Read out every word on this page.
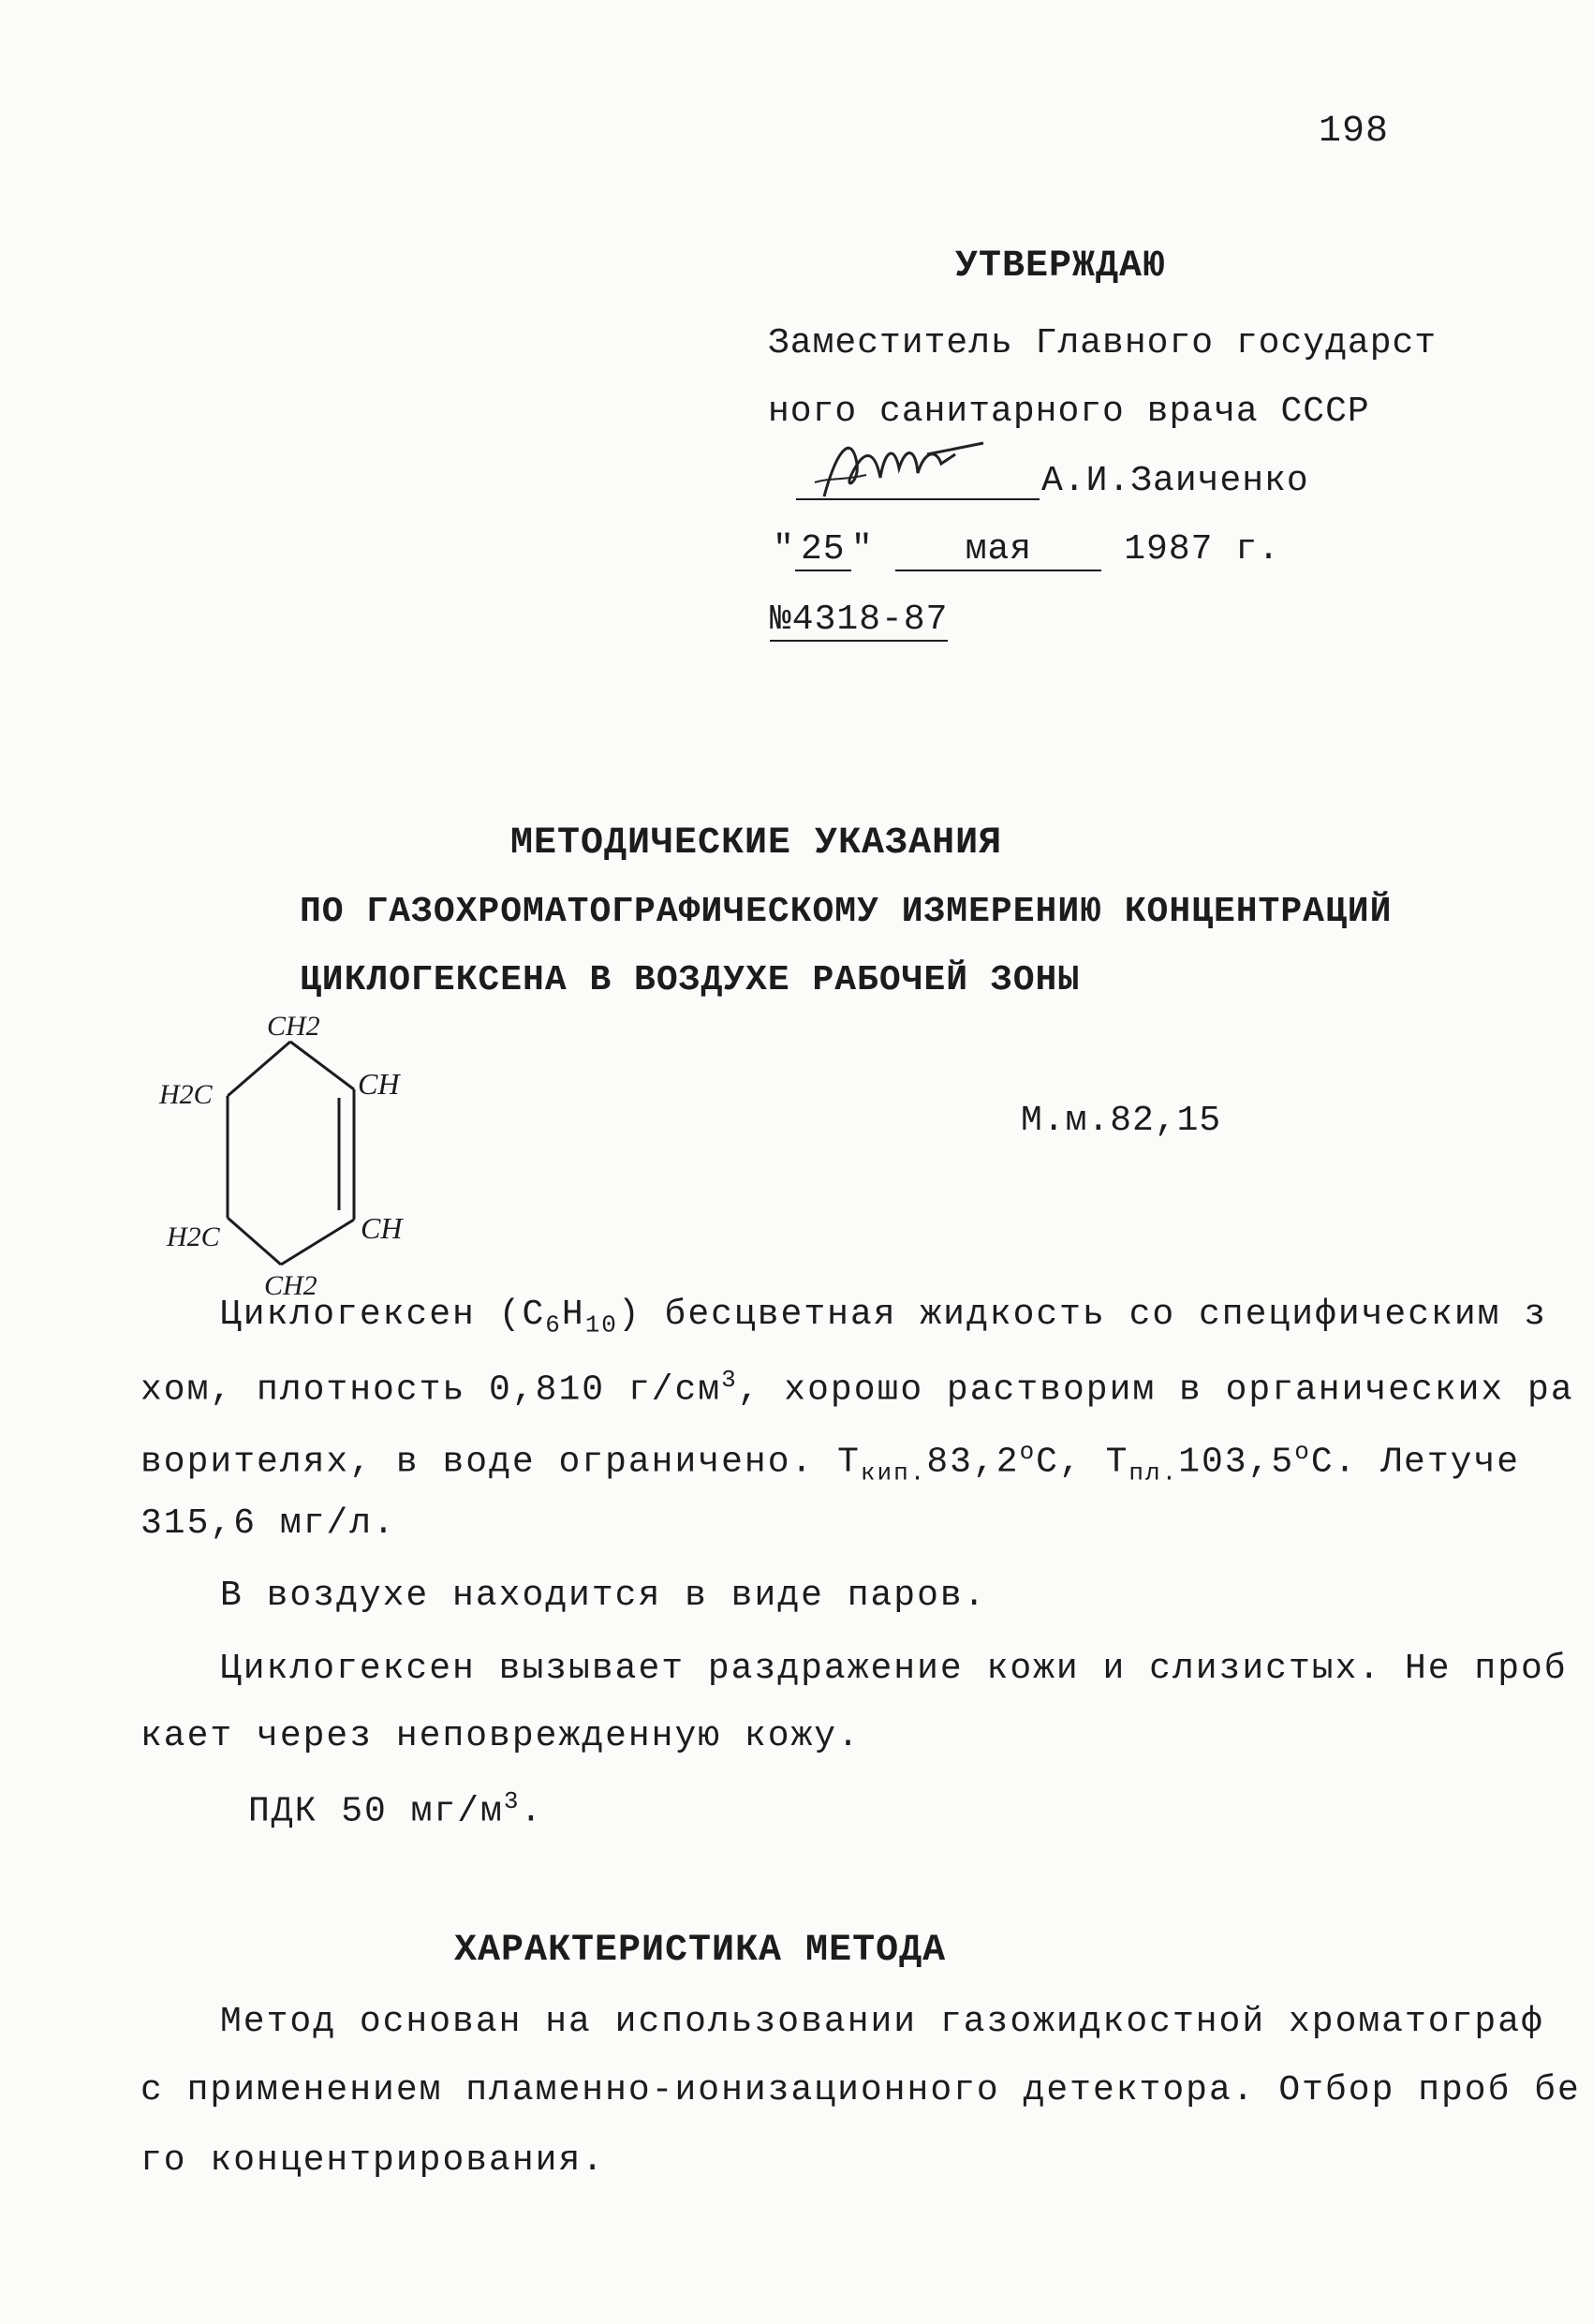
198
УТВЕРЖДАЮ
Заместитель Главного государст
ного санитарного врача СССР
А.И.Заиченко
" 25 " мая	1987 г.
№4318-87
МЕТОДИЧЕСКИЕ УКАЗАНИЯ
ПО ГАЗОХРОМАТОГРАФИЧЕСКОМУ ИЗМЕРЕНИЮ КОНЦЕНТРАЦИЙ
ЦИКЛОГЕКСЕНА В ВОЗДУХЕ РАБОЧЕЙ ЗОНЫ
CH2
H2C	CH
H2C	CH
CH2
М.м.82,15
Циклогексен $(C_6H_{10})$ бесцветная жидкость со специфическим з
хом, плотность 0,810 $г/см^3$, хорошо растворим в органических ра
ворителях, в воде ограничено. $Т_{кип.}83,2^оС$, $Т_{пл.}103,5^оС$. Летуче
315,6 мг/л.
В воздухе находится в виде паров.
Циклогексен вызывает раздражение кожи и слизистых. Не проб
кает через неповрежденную кожу.
ПДК 50 $мг/м^3$.
ХАРАКТЕРИСТИКА МЕТОДА
Метод основан на использовании газожидкостной хроматограф
с применением пламенно-ионизационного детектора. Отбор проб бе
го концентрирования.
